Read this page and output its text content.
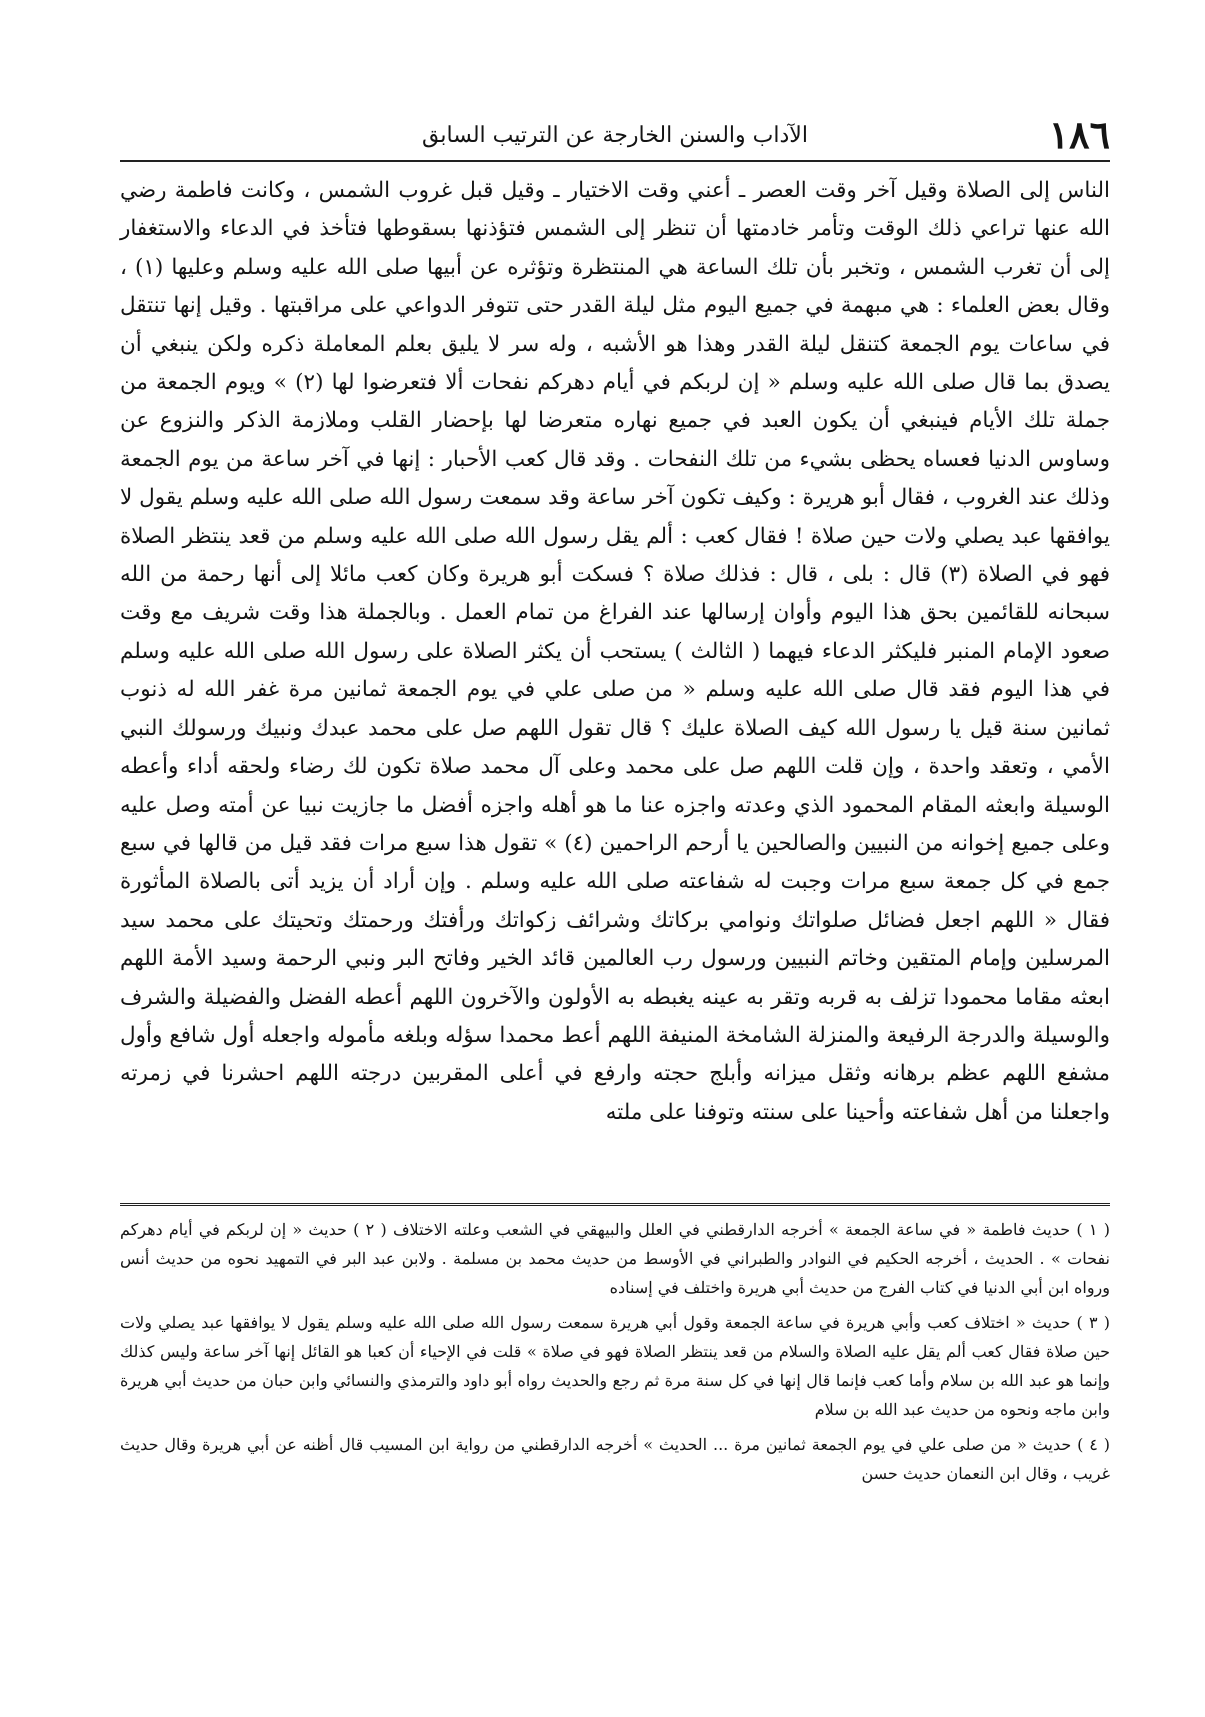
١٨٦
الآداب والسنن الخارجة عن الترتيب السابق

الناس إلى الصلاة وقيل آخر وقت العصر ـ أعني وقت الاختيار ـ وقيل قبل غروب الشمس ، وكانت فاطمة رضي الله عنها تراعي ذلك الوقت وتأمر خادمتها أن تنظر إلى الشمس فتؤذنها بسقوطها فتأخذ في الدعاء والاستغفار إلى أن تغرب الشمس ، وتخبر بأن تلك الساعة هي المنتظرة وتؤثره عن أبيها صلى الله عليه وسلم وعليها (١) ، وقال بعض العلماء : هي مبهمة في جميع اليوم مثل ليلة القدر حتى تتوفر الدواعي على مراقبتها . وقيل إنها تنتقل في ساعات يوم الجمعة كتنقل ليلة القدر وهذا هو الأشبه ، وله سر لا يليق بعلم المعاملة ذكره ولكن ينبغي أن يصدق بما قال صلى الله عليه وسلم « إن لربكم في أيام دهركم نفحات ألا فتعرضوا لها (٢) » ويوم الجمعة من جملة تلك الأيام فينبغي أن يكون العبد في جميع نهاره متعرضا لها بإحضار القلب وملازمة الذكر والنزوع عن وساوس الدنيا فعساه يحظى بشيء من تلك النفحات . وقد قال كعب الأحبار : إنها في آخر ساعة من يوم الجمعة وذلك عند الغروب ، فقال أبو هريرة : وكيف تكون آخر ساعة وقد سمعت رسول الله صلى الله عليه وسلم يقول لا يوافقها عبد يصلي ولات حين صلاة ! فقال كعب : ألم يقل رسول الله صلى الله عليه وسلم من قعد ينتظر الصلاة فهو في الصلاة (٣) قال : بلى ، قال : فذلك صلاة ؟ فسكت أبو هريرة وكان كعب مائلا إلى أنها رحمة من الله سبحانه للقائمين بحق هذا اليوم وأوان إرسالها عند الفراغ من تمام العمل . وبالجملة هذا وقت شريف مع وقت صعود الإمام المنبر فليكثر الدعاء فيهما ( الثالث ) يستحب أن يكثر الصلاة على رسول الله صلى الله عليه وسلم في هذا اليوم فقد قال صلى الله عليه وسلم « من صلى علي في يوم الجمعة ثمانين مرة غفر الله له ذنوب ثمانين سنة قيل يا رسول الله كيف الصلاة عليك ؟ قال تقول اللهم صل على محمد عبدك ونبيك ورسولك النبي الأمي ، وتعقد واحدة ، وإن قلت اللهم صل على محمد وعلى آل محمد صلاة تكون لك رضاء ولحقه أداء وأعطه الوسيلة وابعثه المقام المحمود الذي وعدته واجزه عنا ما هو أهله واجزه أفضل ما جازيت نبيا عن أمته وصل عليه وعلى جميع إخوانه من النبيين والصالحين يا أرحم الراحمين (٤) » تقول هذا سبع مرات فقد قيل من قالها في سبع جمع في كل جمعة سبع مرات وجبت له شفاعته صلى الله عليه وسلم . وإن أراد أن يزيد أتى بالصلاة المأثورة فقال « اللهم اجعل فضائل صلواتك ونوامي بركاتك وشرائف زكواتك ورأفتك ورحمتك وتحيتك على محمد سيد المرسلين وإمام المتقين وخاتم النبيين ورسول رب العالمين قائد الخير وفاتح البر ونبي الرحمة وسيد الأمة اللهم ابعثه مقاما محمودا تزلف به قربه وتقر به عينه يغبطه به الأولون والآخرون اللهم أعطه الفضل والفضيلة والشرف والوسيلة والدرجة الرفيعة والمنزلة الشامخة المنيفة اللهم أعط محمدا سؤله وبلغه مأموله واجعله أول شافع وأول مشفع اللهم عظم برهانه وثقل ميزانه وأبلج حجته وارفع في أعلى المقربين درجته اللهم احشرنا في زمرته واجعلنا من أهل شفاعته وأحينا على سنته وتوفنا على ملته

( ١ ) حديث فاطمة « في ساعة الجمعة » أخرجه الدارقطني في العلل والبيهقي في الشعب وعلته الاختلاف ( ٢ ) حديث « إن لربكم في أيام دهركم نفحات » . الحديث ، أخرجه الحكيم في النوادر والطبراني في الأوسط من حديث محمد بن مسلمة . ولابن عبد البر في التمهيد نحوه من حديث أنس ورواه ابن أبي الدنيا في كتاب الفرج من حديث أبي هريرة واختلف في إسناده

( ٣ ) حديث « اختلاف كعب وأبي هريرة في ساعة الجمعة وقول أبي هريرة سمعت رسول الله صلى الله عليه وسلم يقول لا يوافقها عبد يصلي ولات حين صلاة فقال كعب ألم يقل عليه الصلاة والسلام من قعد ينتظر الصلاة فهو في صلاة » قلت في الإحياء أن كعبا هو القائل إنها آخر ساعة وليس كذلك وإنما هو عبد الله بن سلام وأما كعب فإنما قال إنها في كل سنة مرة ثم رجع والحديث رواه أبو داود والترمذي والنسائي وابن حبان من حديث أبي هريرة وابن ماجه ونحوه من حديث عبد الله بن سلام

( ٤ ) حديث « من صلى علي في يوم الجمعة ثمانين مرة ... الحديث » أخرجه الدارقطني من رواية ابن المسيب قال أظنه عن أبي هريرة وقال حديث غريب ، وقال ابن النعمان حديث حسن
